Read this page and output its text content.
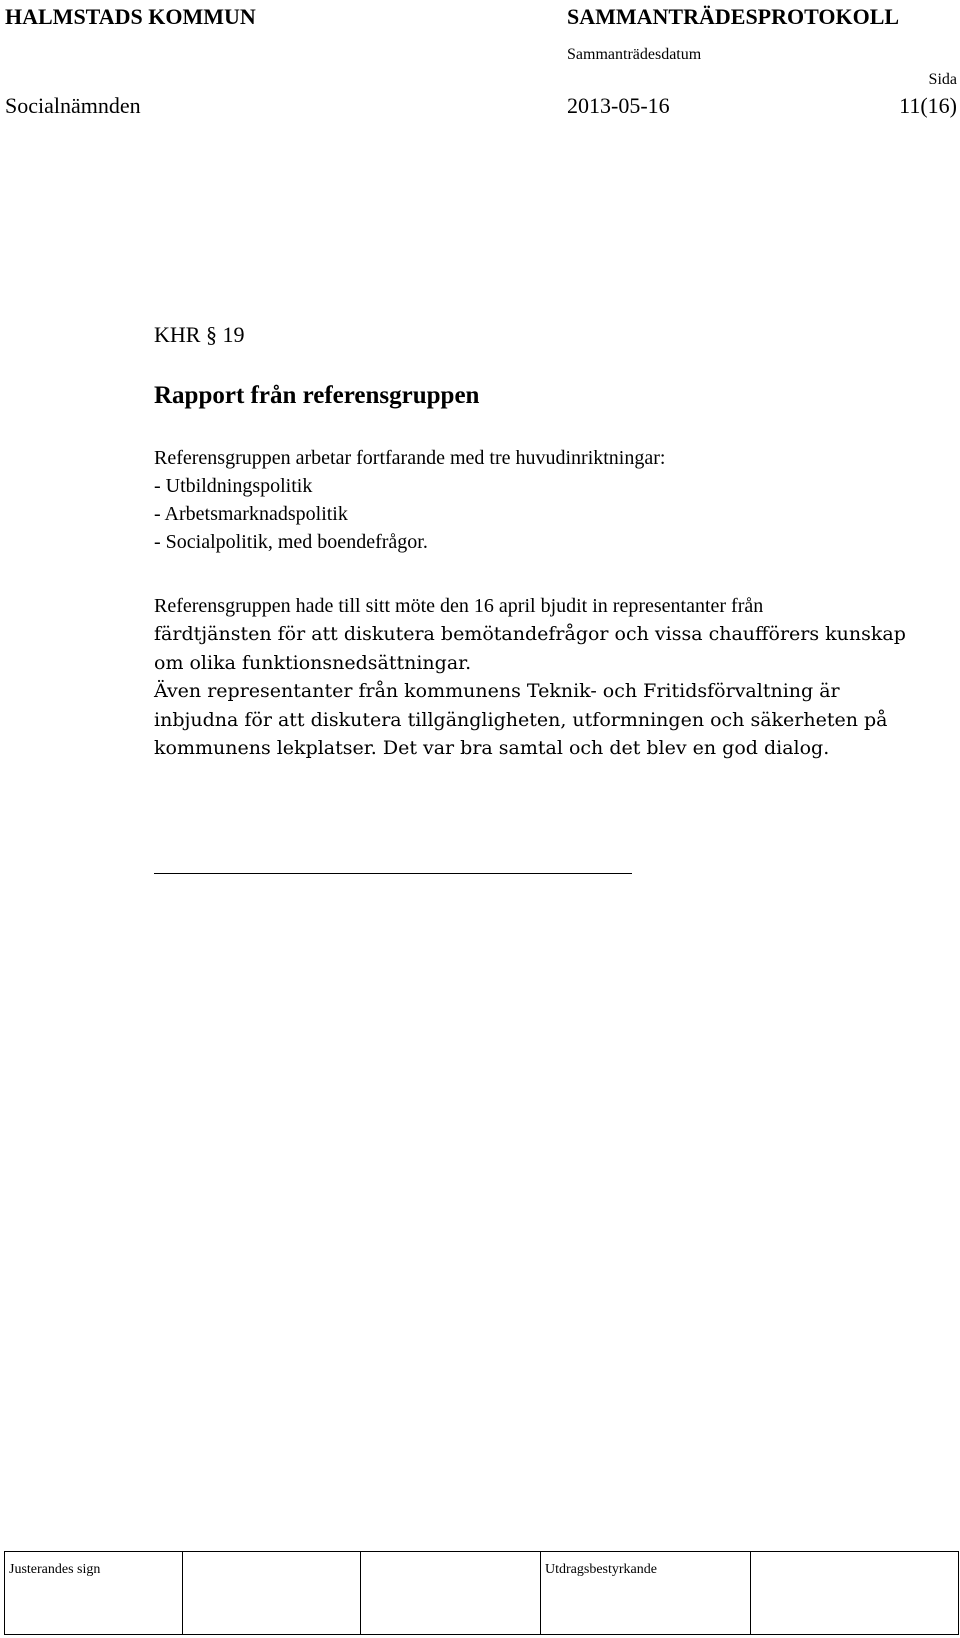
HALMSTADS KOMMUN	SAMMANTRÄDESPROTOKOLL
Sammanträdesdatum
Sida
Socialnämnden	2013-05-16	11(16)
KHR § 19
Rapport från referensgruppen
Referensgruppen arbetar fortfarande med tre huvudinriktningar:
- Utbildningspolitik
- Arbetsmarknadspolitik
- Socialpolitik, med boendefrågor.
Referensgruppen hade till sitt möte den 16 april bjudit in representanter från
färdtjänsten för att diskutera bemötandefrågor och vissa chaufförers kunskap
om olika funktionsnedsättningar.
Även representanter från kommunens Teknik- och Fritidsförvaltning är
inbjudna för att diskutera tillgängligheten, utformningen och säkerheten på
kommunens lekplatser. Det var bra samtal och det blev en god dialog.
Justerandes sign	Utdragsbestyrkande
